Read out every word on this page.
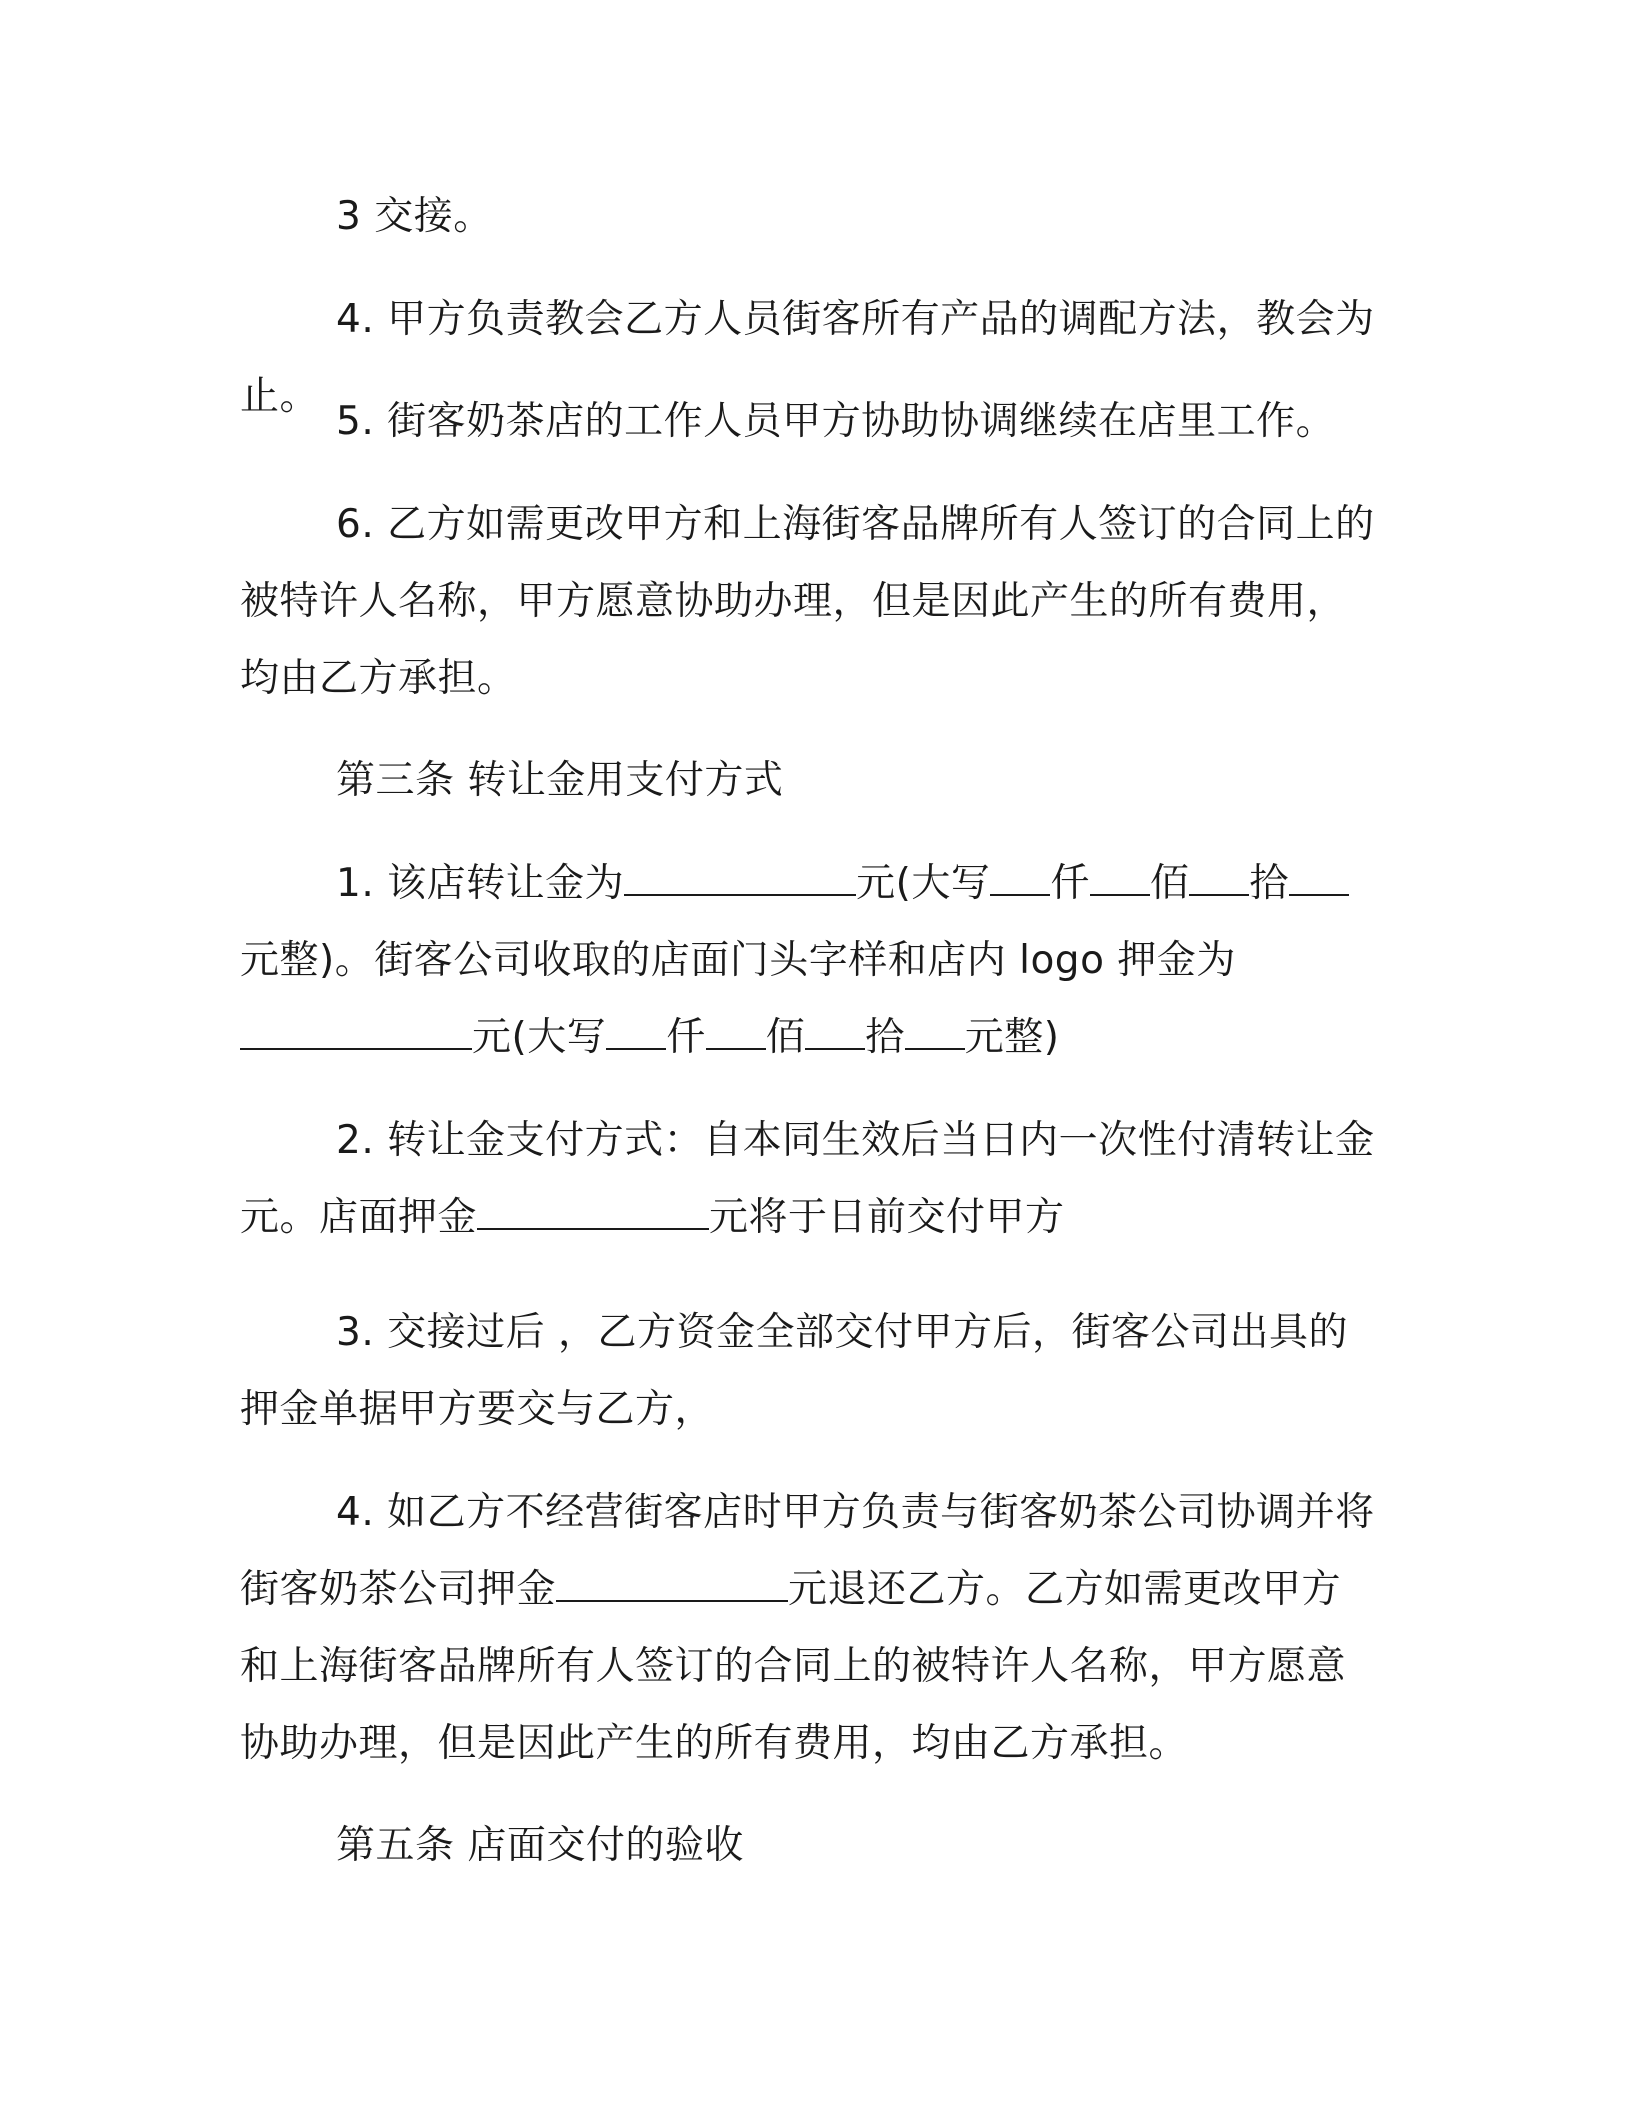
3 交接。

4. 甲方负责教会乙方人员街客所有产品的调配方法，教会为止。

5. 街客奶茶店的工作人员甲方协助协调继续在店里工作。

6. 乙方如需更改甲方和上海街客品牌所有人签订的合同上的被特许人名称，甲方愿意协助办理，但是因此产生的所有费用，均由乙方承担。

第三条 转让金用支付方式

1. 该店转让金为	元(大写 仟 佰 拾元整)。街客公司收取的店面门头字样和店内 logo 押金为元(大写 仟 佰 拾 元整)

2. 转让金支付方式：自本同生效后当日内一次性付清转让金 元。店面押金	元将于日前交付甲方

3. 交接过后 ，乙方资金全部交付甲方后，街客公司出具的押金单据甲方要交与乙方，

4. 如乙方不经营街客店时甲方负责与街客奶茶公司协调并将街客奶茶公司押金	元退还乙方。乙方如需更改甲方和上海街客品牌所有人签订的合同上的被特许人名称，甲方愿意协助办理，但是因此产生的所有费用，均由乙方承担。

第五条 店面交付的验收
